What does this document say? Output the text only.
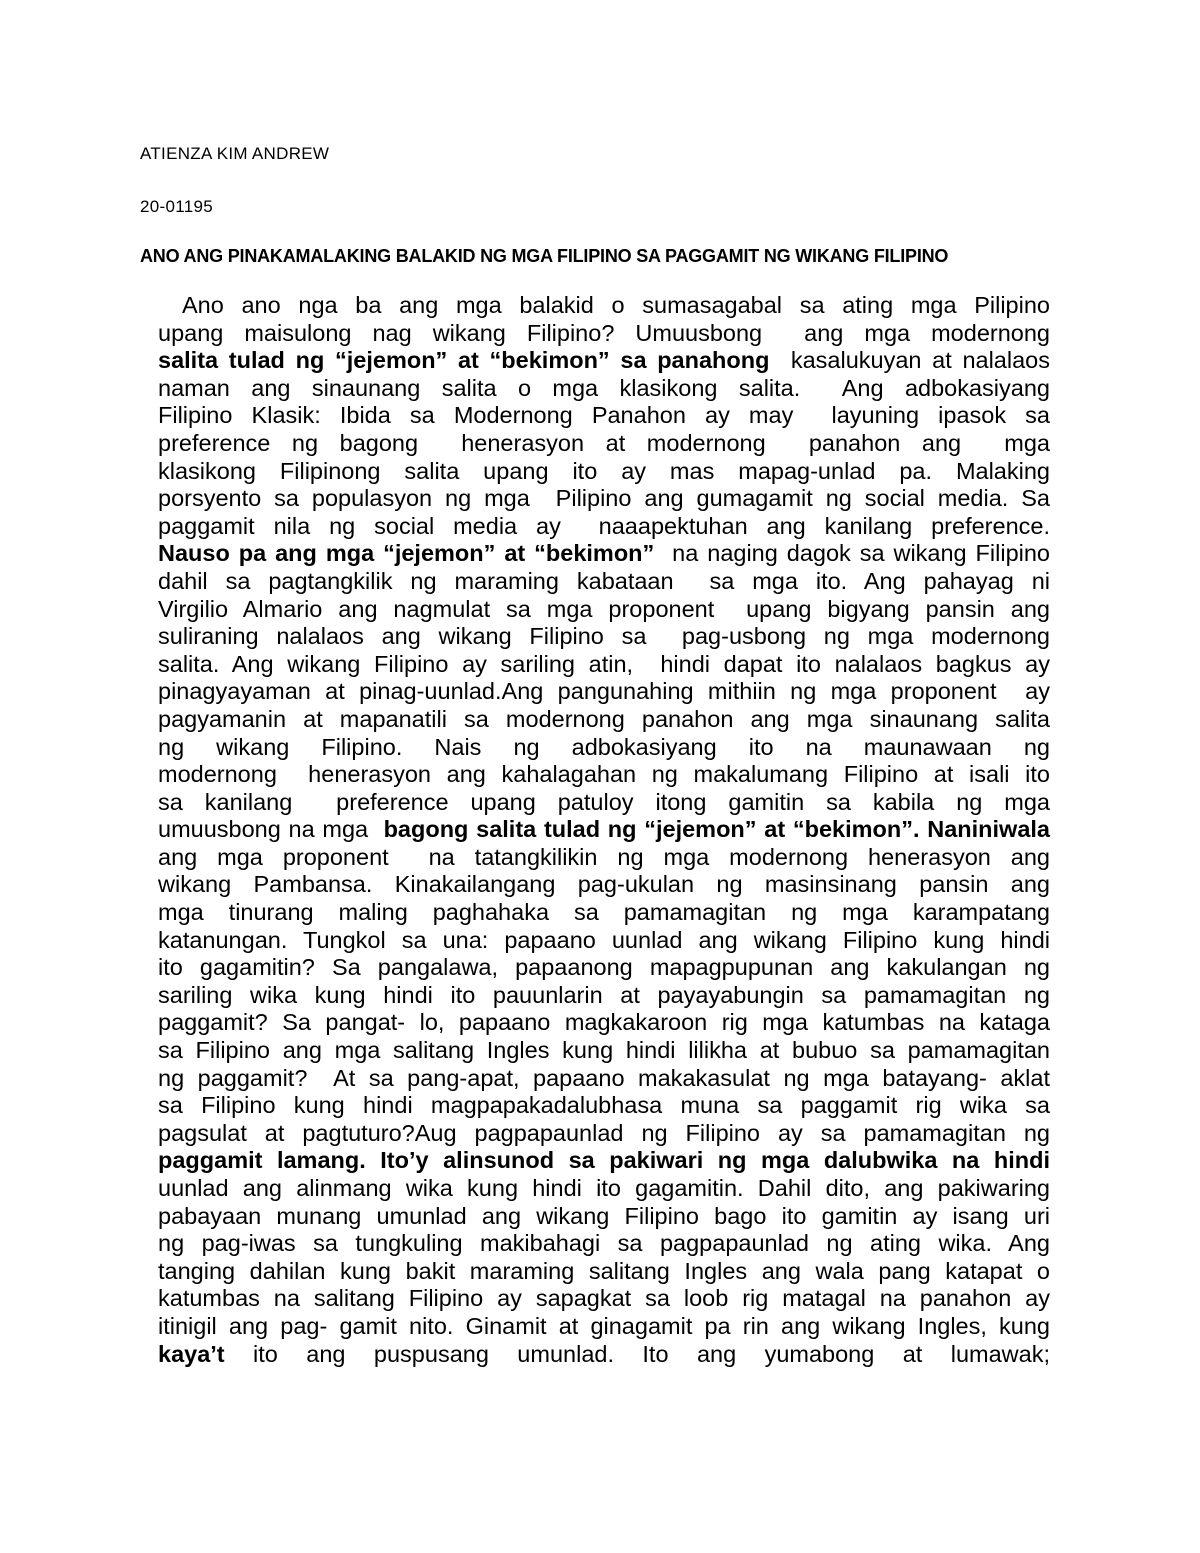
ATIENZA KIM ANDREW

20-01195

ANO ANG PINAKAMALAKING BALAKID NG MGA FILIPINO SA PAGGAMIT NG WIKANG FILIPINO

Ano ano nga ba ang mga balakid o sumasagabal sa ating mga Pilipino
upang maisulong nag wikang Filipino? Umuusbong  ang mga modernong
salita tulad ng “jejemon” at “bekimon” sa panahong  kasalukuyan at nalalaos
naman ang sinaunang salita o mga klasikong salita.  Ang adbokasiyang
Filipino Klasik: Ibida sa Modernong Panahon ay may  layuning ipasok sa
preference ng bagong  henerasyon at modernong  panahon ang  mga
klasikong Filipinong salita upang ito ay mas mapag-unlad pa. Malaking
porsyento sa populasyon ng mga  Pilipino ang gumagamit ng social media. Sa
paggamit nila ng social media ay  naaapektuhan ang kanilang preference.
Nauso pa ang mga “jejemon” at “bekimon”  na naging dagok sa wikang Filipino
dahil sa pagtangkilik ng maraming kabataan  sa mga ito. Ang pahayag ni
Virgilio Almario ang nagmulat sa mga proponent  upang bigyang pansin ang
suliraning nalalaos ang wikang Filipino sa  pag-usbong ng mga modernong
salita. Ang wikang Filipino ay sariling atin,  hindi dapat ito nalalaos bagkus ay
pinagyayaman at pinag-uunlad.Ang pangunahing mithiin ng mga proponent  ay
pagyamanin at mapanatili sa modernong panahon ang mga sinaunang salita
ng  wikang  Filipino.  Nais  ng  adbokasiyang  ito  na  maunawaan  ng
modernong  henerasyon ang kahalagahan ng makalumang Filipino at isali ito
sa kanilang  preference upang patuloy itong gamitin sa kabila ng mga
umuusbong na mga  bagong salita tulad ng “jejemon” at “bekimon”. Naniniwala
ang mga proponent  na tatangkilikin ng mga modernong henerasyon ang
wikang Pambansa. Kinakailangang pag-ukulan ng masinsinang pansin ang
mga tinurang maling paghahaka sa pamamagitan ng mga karampatang
katanungan. Tungkol sa una: papaano uunlad ang wikang Filipino kung hindi
ito gagamitin? Sa pangalawa, papaanong mapagpupunan ang kakulangan ng
sariling wika kung hindi ito pauunlarin at payayabungin sa pamamagitan ng
paggamit? Sa pangat- lo, papaano magkakaroon rig mga katumbas na kataga
sa Filipino ang mga salitang Ingles kung hindi lilikha at bubuo sa pamamagitan
ng paggamit?  At sa pang-apat, papaano makakasulat ng mga batayang- aklat
sa Filipino kung hindi magpapakadalubhasa muna sa paggamit rig wika sa
pagsulat at pagtuturo?Aug pagpapaunlad ng Filipino ay sa pamamagitan ng
paggamit lamang. Ito’y alinsunod sa pakiwari ng mga dalubwika na hindi
uunlad ang alinmang wika kung hindi ito gagamitin. Dahil dito, ang pakiwaring
pabayaan munang umunlad ang wikang Filipino bago ito gamitin ay isang uri
ng pag-iwas sa tungkuling makibahagi sa pagpapaunlad ng ating wika. Ang
tanging dahilan kung bakit maraming salitang Ingles ang wala pang katapat o
katumbas na salitang Filipino ay sapagkat sa loob rig matagal na panahon ay
itinigil ang pag- gamit nito. Ginamit at ginagamit pa rin ang wikang Ingles, kung
kaya’t  ito  ang  puspusang  umunlad.  Ito  ang  yumabong  at  lumawak;
